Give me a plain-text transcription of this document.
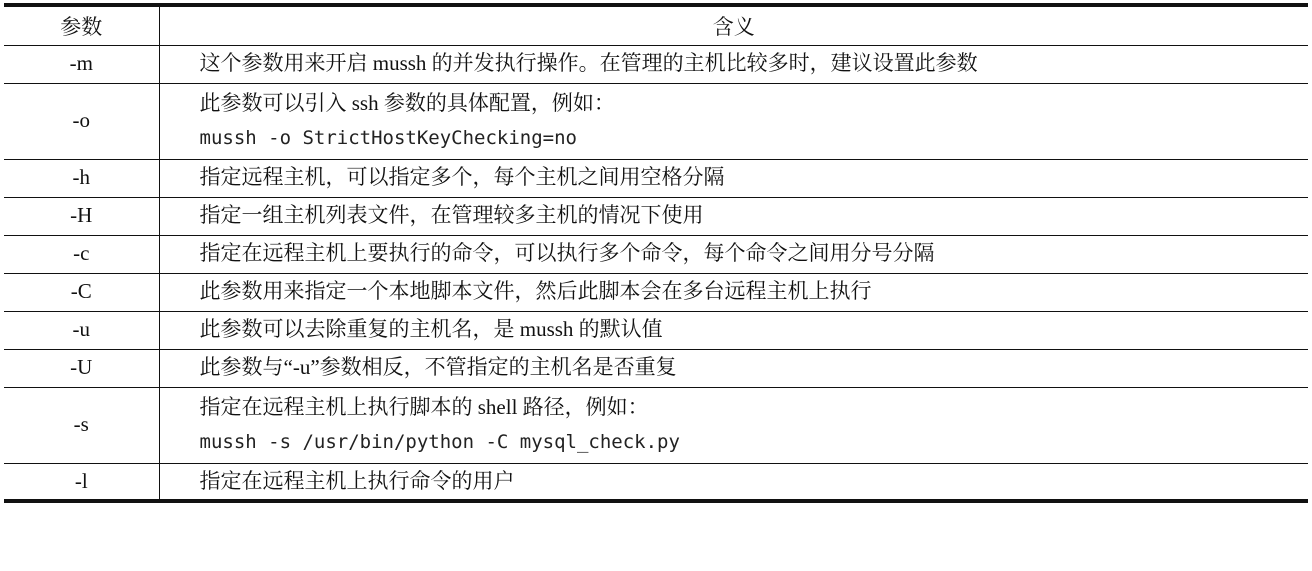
参数	含义
-m	这个参数用来开启 mussh 的并发执行操作。在管理的主机比较多时，建议设置此参数
-o	此参数可以引入 ssh 参数的具体配置，例如：
mussh -o StrictHostKeyChecking=no

-h	指定远程主机，可以指定多个，每个主机之间用空格分隔
-H	指定一组主机列表文件，在管理较多主机的情况下使用
-c	指定在远程主机上要执行的命令，可以执行多个命令，每个命令之间用分号分隔
-C	此参数用来指定一个本地脚本文件，然后此脚本会在多台远程主机上执行
-u	此参数可以去除重复的主机名，是 mussh 的默认值
-U	此参数与“-u”参数相反，不管指定的主机名是否重复
-s	指定在远程主机上执行脚本的 shell 路径，例如：
mussh -s /usr/bin/python -C mysql_check.py

-l	指定在远程主机上执行命令的用户
